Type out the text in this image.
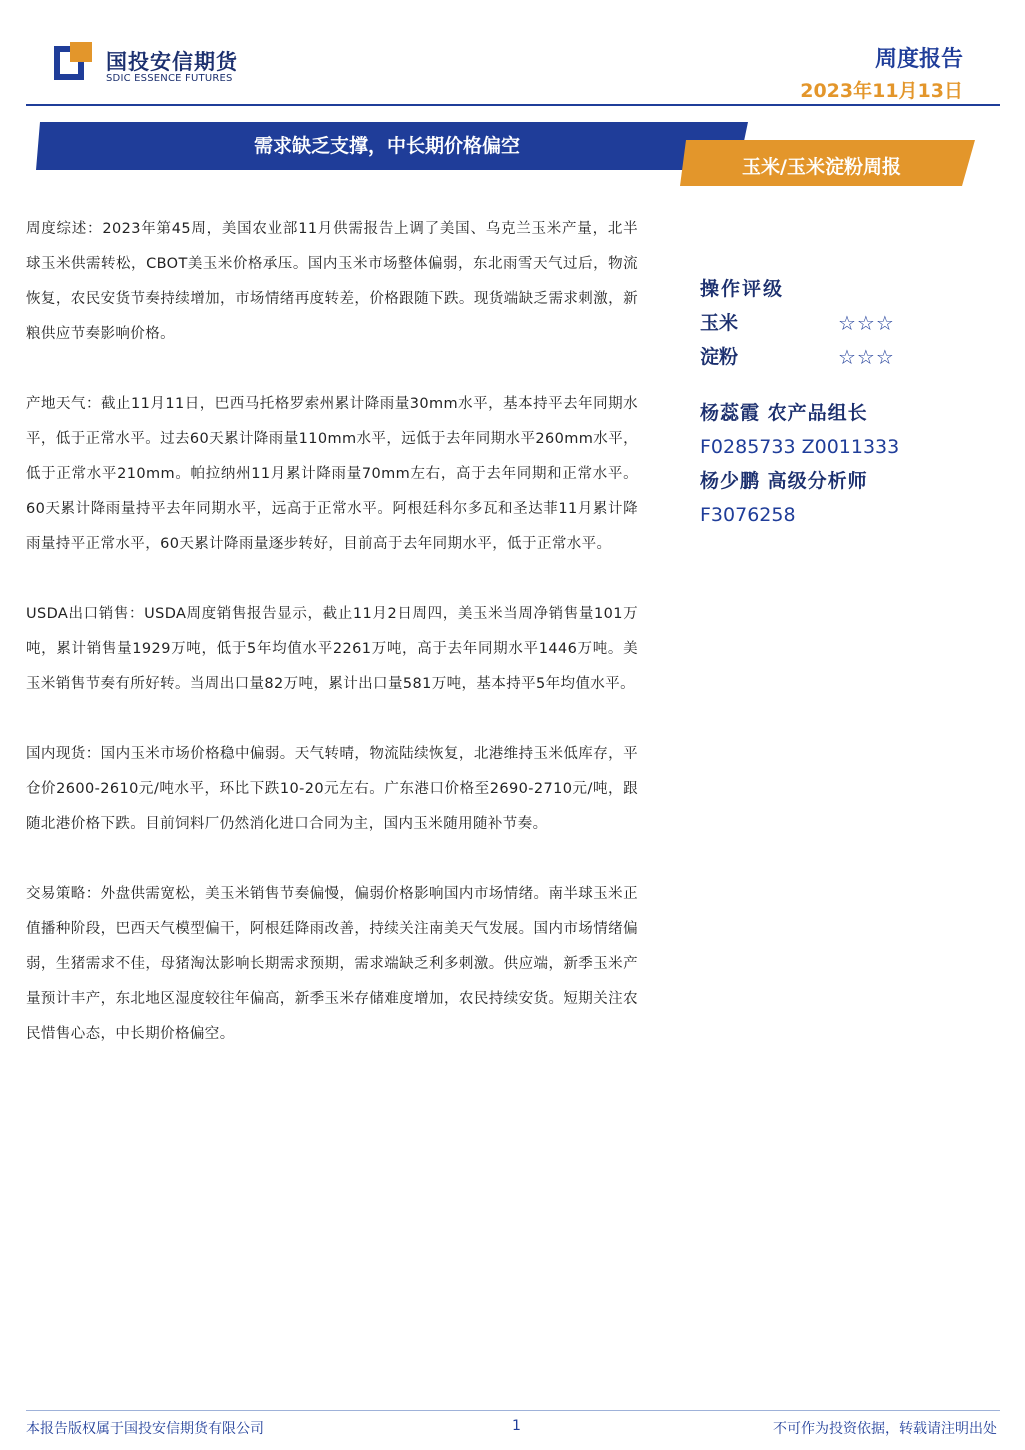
国投安信期货
SDIC ESSENCE FUTURES
周度报告
2023年11月13日
需求缺乏支撑，中长期价格偏空
玉米/玉米淀粉周报

周度综述：2023年第45周，美国农业部11月供需报告上调了美国、乌克兰玉米产量，北半球玉米供需转松，CBOT美玉米价格承压。国内玉米市场整体偏弱，东北雨雪天气过后，物流恢复，农民安货节奏持续增加，市场情绪再度转差，价格跟随下跌。现货端缺乏需求刺激，新粮供应节奏影响价格。

产地天气：截止11月11日，巴西马托格罗索州累计降雨量30mm水平，基本持平去年同期水平，低于正常水平。过去60天累计降雨量110mm水平，远低于去年同期水平260mm水平，低于正常水平210mm。帕拉纳州11月累计降雨量70mm左右，高于去年同期和正常水平。60天累计降雨量持平去年同期水平，远高于正常水平。阿根廷科尔多瓦和圣达菲11月累计降雨量持平正常水平，60天累计降雨量逐步转好，目前高于去年同期水平，低于正常水平。

USDA出口销售：USDA周度销售报告显示，截止11月2日周四，美玉米当周净销售量101万吨，累计销售量1929万吨，低于5年均值水平2261万吨，高于去年同期水平1446万吨。美玉米销售节奏有所好转。当周出口量82万吨，累计出口量581万吨，基本持平5年均值水平。

国内现货：国内玉米市场价格稳中偏弱。天气转晴，物流陆续恢复，北港维持玉米低库存，平仓价2600-2610元/吨水平，环比下跌10-20元左右。广东港口价格至2690-2710元/吨，跟随北港价格下跌。目前饲料厂仍然消化进口合同为主，国内玉米随用随补节奏。

交易策略：外盘供需宽松，美玉米销售节奏偏慢，偏弱价格影响国内市场情绪。南半球玉米正值播种阶段，巴西天气模型偏干，阿根廷降雨改善，持续关注南美天气发展。国内市场情绪偏弱，生猪需求不佳，母猪淘汰影响长期需求预期，需求端缺乏利多刺激。供应端，新季玉米产量预计丰产，东北地区湿度较往年偏高，新季玉米存储难度增加，农民持续安货。短期关注农民惜售心态，中长期价格偏空。

操作评级
玉米	☆☆☆
淀粉	☆☆☆
杨蕊霞 农产品组长
F0285733 Z0011333
杨少鹏 高级分析师
F3076258
本报告版权属于国投安信期货有限公司	1	不可作为投资依据，转载请注明出处
